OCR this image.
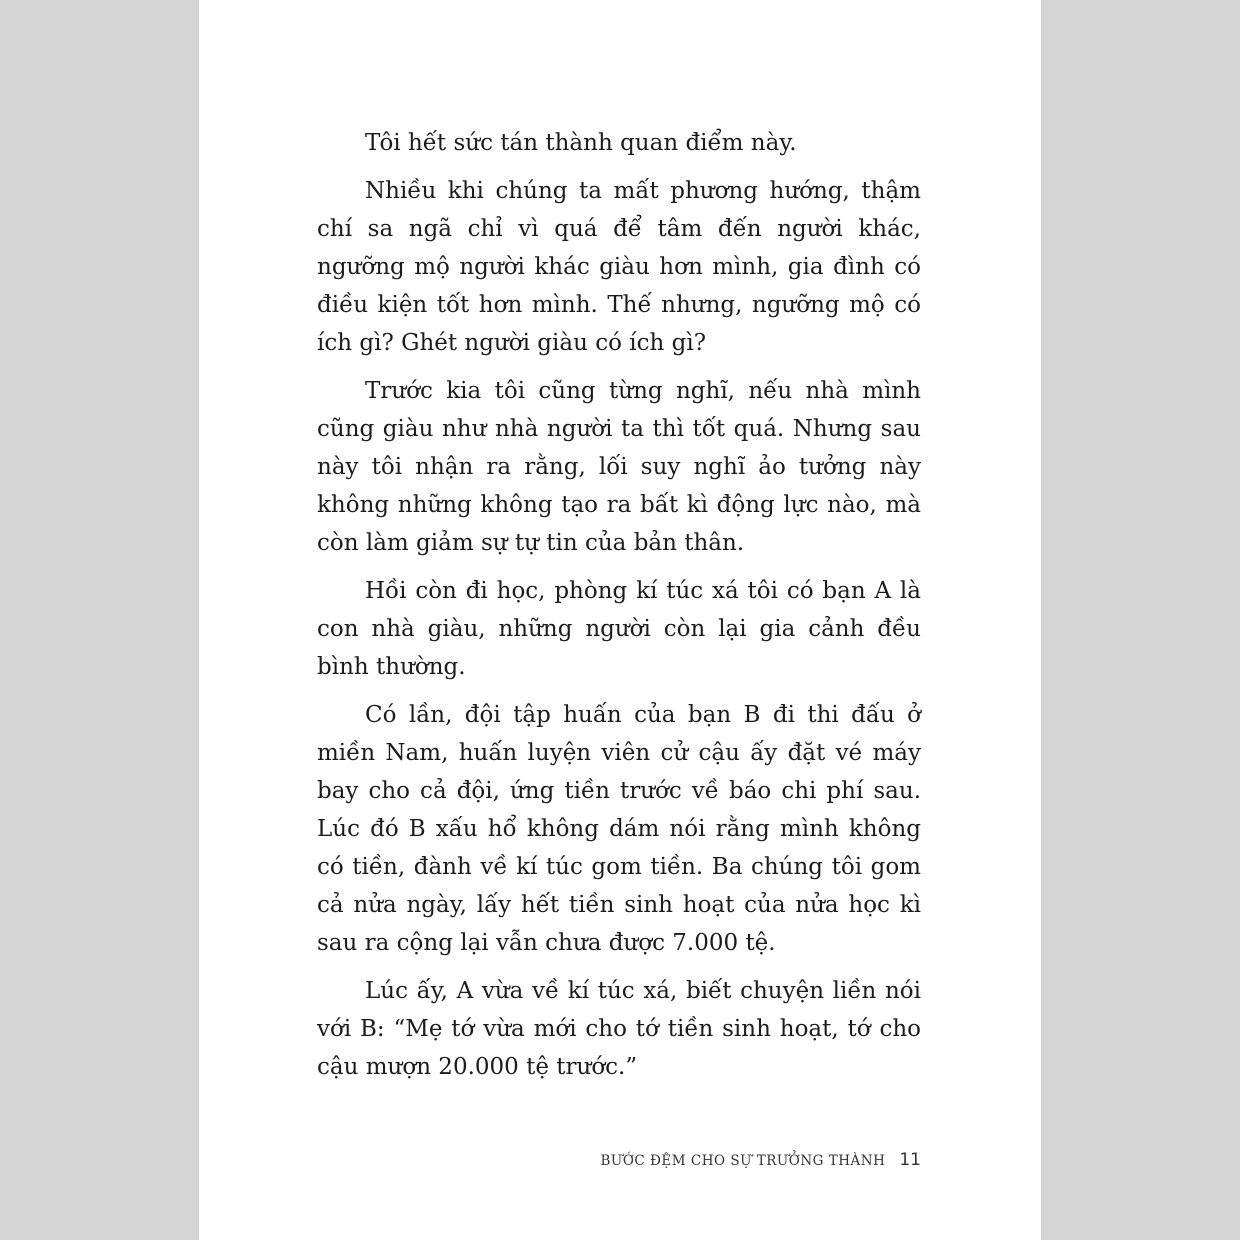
Tôi hết sức tán thành quan điểm này.

Nhiều khi chúng ta mất phương hướng, thậm chí sa ngã chỉ vì quá để tâm đến người khác, ngưỡng mộ người khác giàu hơn mình, gia đình có điều kiện tốt hơn mình. Thế nhưng, ngưỡng mộ có ích gì? Ghét người giàu có ích gì?

Trước kia tôi cũng từng nghĩ, nếu nhà mình cũng giàu như nhà người ta thì tốt quá. Nhưng sau này tôi nhận ra rằng, lối suy nghĩ ảo tưởng này không những không tạo ra bất kì động lực nào, mà còn làm giảm sự tự tin của bản thân.

Hồi còn đi học, phòng kí túc xá tôi có bạn A là con nhà giàu, những người còn lại gia cảnh đều bình thường.

Có lần, đội tập huấn của bạn B đi thi đấu ở miền Nam, huấn luyện viên cử cậu ấy đặt vé máy bay cho cả đội, ứng tiền trước về báo chi phí sau. Lúc đó B xấu hổ không dám nói rằng mình không có tiền, đành về kí túc gom tiền. Ba chúng tôi gom cả nửa ngày, lấy hết tiền sinh hoạt của nửa học kì sau ra cộng lại vẫn chưa được 7.000 tệ.

Lúc ấy, A vừa về kí túc xá, biết chuyện liền nói với B: “Mẹ tớ vừa mới cho tớ tiền sinh hoạt, tớ cho cậu mượn 20.000 tệ trước.”

BƯỚC ĐỆM CHO SỰ TRƯỞNG THÀNH 11
